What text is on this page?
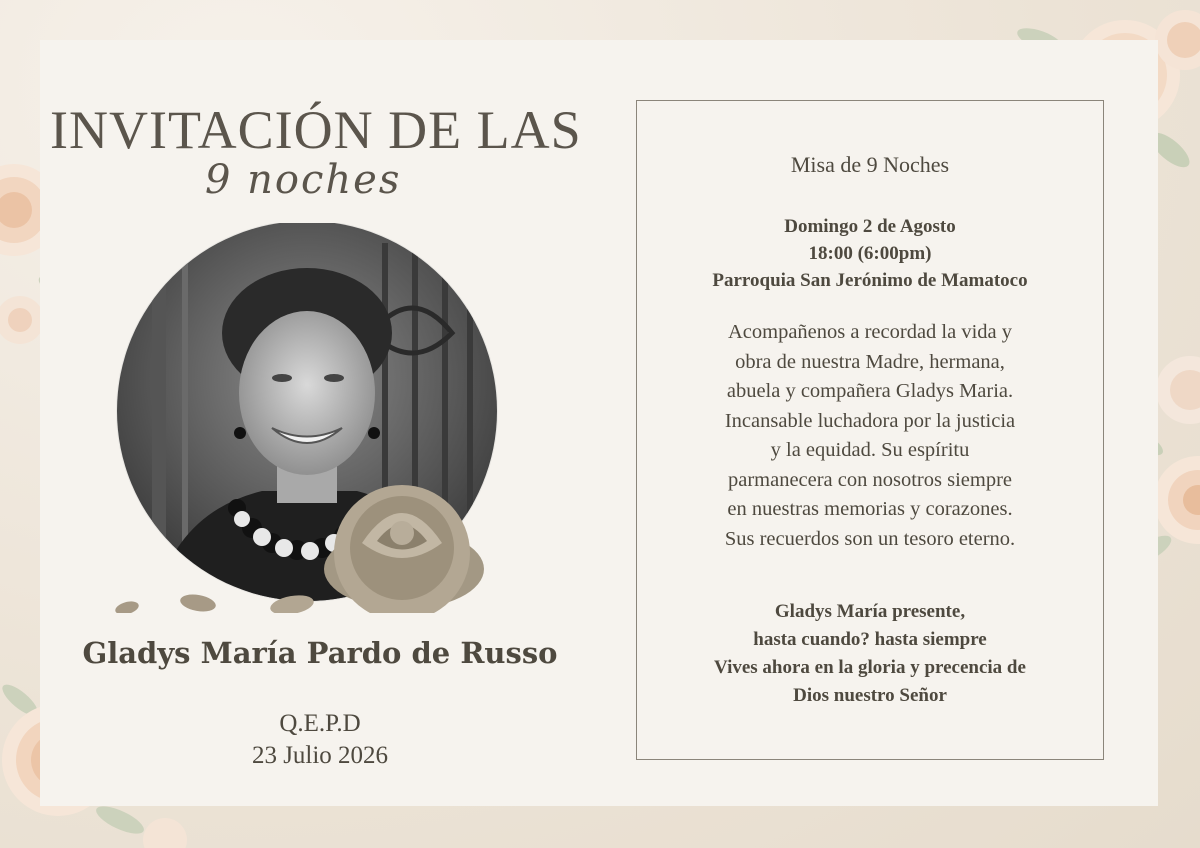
INVITACIÓN DE LAS
9 noches
Gladys María Pardo de Russo
Q.E.P.D
23 Julio 2026
Misa de 9 Noches
Domingo 2 de Agosto
18:00 (6:00pm)
Parroquia San Jerónimo de Mamatoco
Acompañenos a recordad la vida y
obra de nuestra Madre, hermana,
abuela y compañera Gladys Maria.
Incansable luchadora por la justicia
y la equidad. Su espíritu
parmanecera con nosotros siempre
en nuestras memorias y corazones.
Sus recuerdos son un tesoro eterno.
Gladys María presente,
hasta cuando? hasta siempre
Vives ahora en la gloria y precencia de
Dios nuestro Señor
